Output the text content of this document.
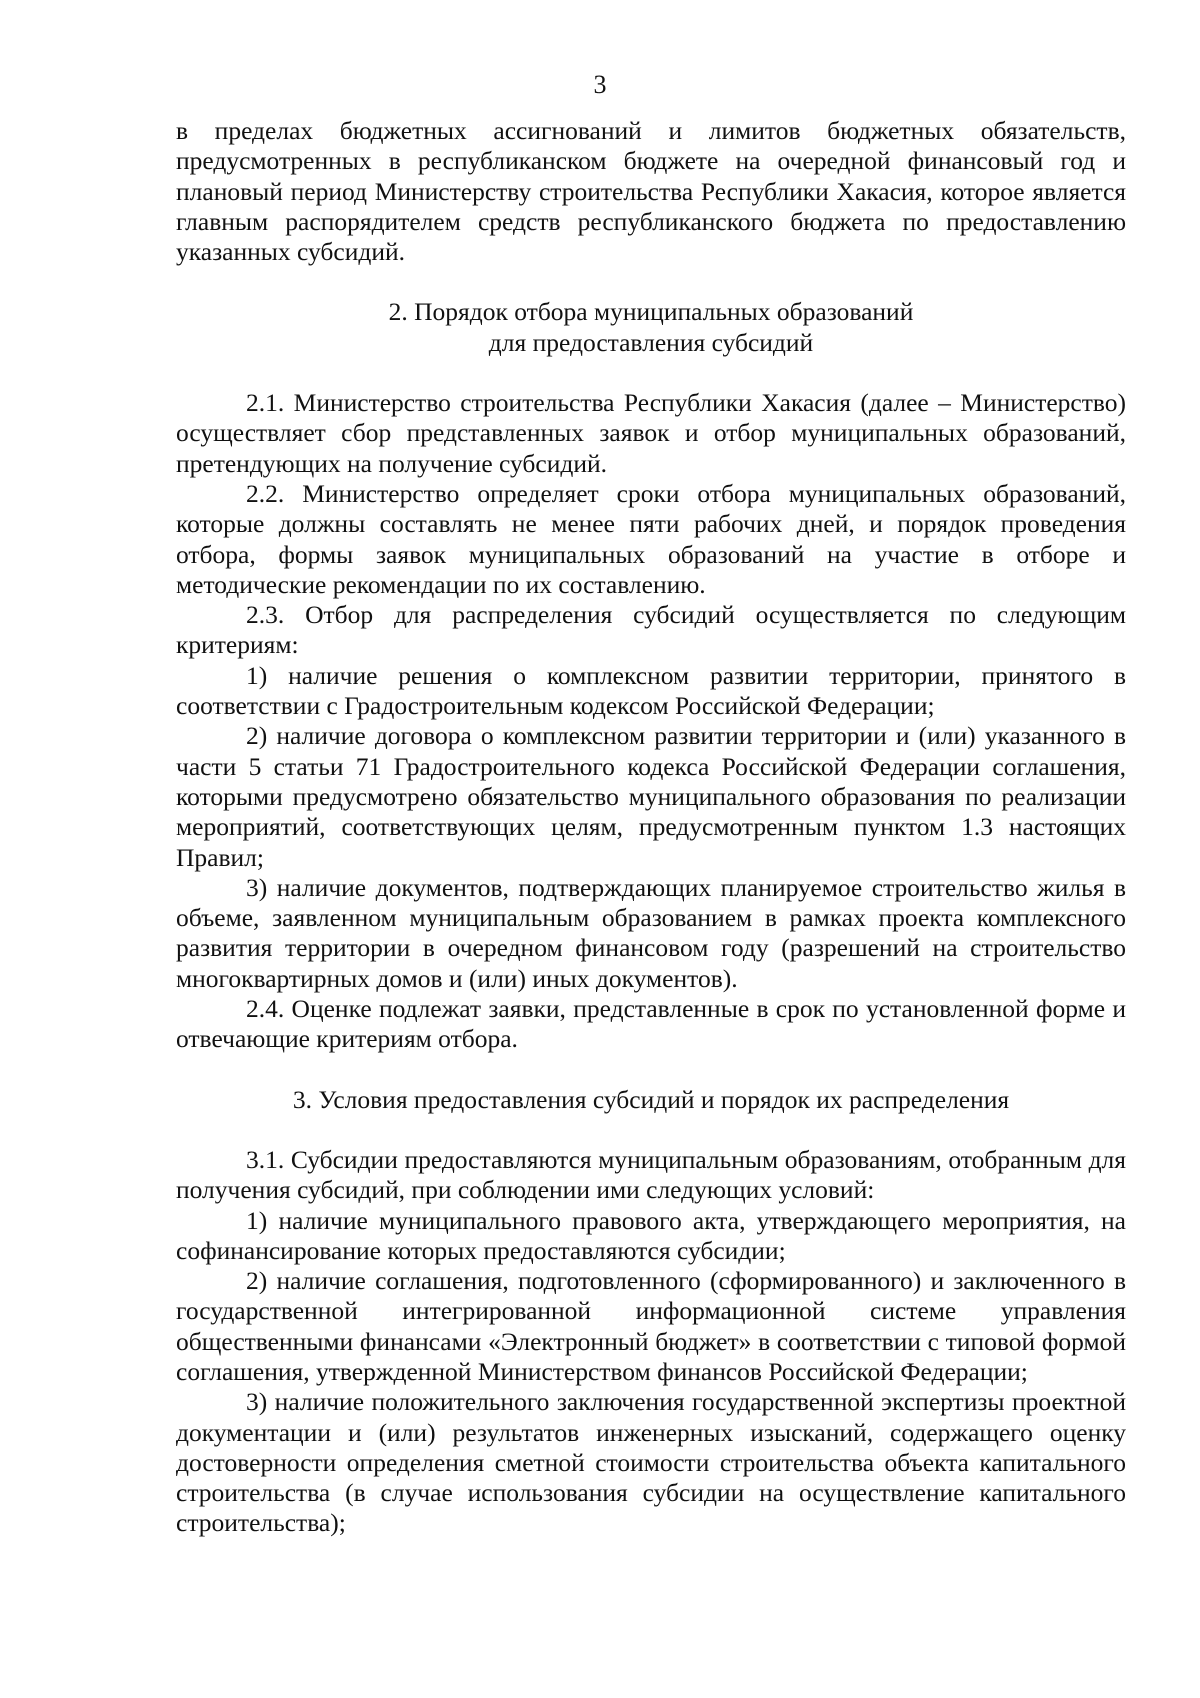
3

в пределах бюджетных ассигнований и лимитов бюджетных обязательств, предусмотренных в республиканском бюджете на очередной финансовый год и плановый период Министерству строительства Республики Хакасия, которое является главным распорядителем средств республиканского бюджета по предоставлению указанных субсидий.

2. Порядок отбора муниципальных образований

для предоставления субсидий

2.1. Министерство строительства Республики Хакасия (далее – Министерство) осуществляет сбор представленных заявок и отбор муниципальных образований, претендующих на получение субсидий.

2.2. Министерство определяет сроки отбора муниципальных образований, которые должны составлять не менее пяти рабочих дней, и порядок проведения отбора, формы заявок муниципальных образований на участие в отборе и методические рекомендации по их составлению.

2.3. Отбор для распределения субсидий осуществляется по следующим критериям:

1) наличие решения о комплексном развитии территории, принятого в соответствии с Градостроительным кодексом Российской Федерации;

2) наличие договора о комплексном развитии территории и (или) указанного в части 5 статьи 71 Градостроительного кодекса Российской Федерации соглашения, которыми предусмотрено обязательство муниципального образования по реализации мероприятий, соответствующих целям, предусмотренным пунктом 1.3 настоящих Правил;

3) наличие документов, подтверждающих планируемое строительство жилья в объеме, заявленном муниципальным образованием в рамках проекта комплексного развития территории в очередном финансовом году (разрешений на строительство многоквартирных домов и (или) иных документов).

2.4. Оценке подлежат заявки, представленные в срок по установленной форме и отвечающие критериям отбора.

3. Условия предоставления субсидий и порядок их распределения

3.1. Субсидии предоставляются муниципальным образованиям, отобранным для получения субсидий, при соблюдении ими следующих условий:

1) наличие муниципального правового акта, утверждающего мероприятия, на софинансирование которых предоставляются субсидии;

2) наличие соглашения, подготовленного (сформированного) и заключенного в государственной интегрированной информационной системе управления общественными финансами «Электронный бюджет» в соответствии с типовой формой соглашения, утвержденной Министерством финансов Российской Федерации;

3) наличие положительного заключения государственной экспертизы проектной документации и (или) результатов инженерных изысканий, содержащего оценку достоверности определения сметной стоимости строительства объекта капитального строительства (в случае использования субсидии на осуществление капитального строительства);
